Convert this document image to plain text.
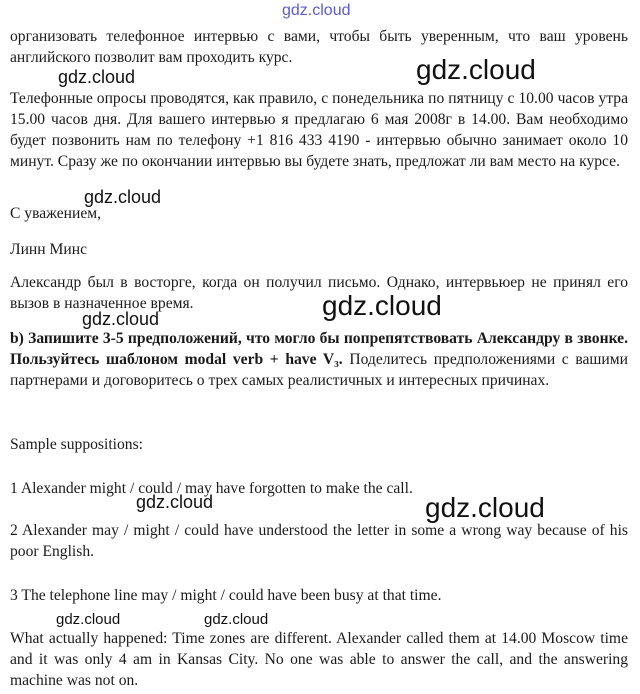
организовать телефонное интервью с вами, чтобы быть уверенным, что ваш уровень английского позволит вам проходить курс.

Телефонные опросы проводятся, как правило, с понедельника по пятницу с 10.00 часов утра 15.00 часов дня. Для вашего интервью я предлагаю 6 мая 2008г в 14.00. Вам необходимо будет позвонить нам по телефону +1 816 433 4190 - интервью обычно занимает около 10 минут. Сразу же по окончании интервью вы будете знать, предложат ли вам место на курсе.

С уважением,

Линн Минс

Александр был в восторге, когда он получил письмо. Однако, интервьюер не принял его вызов в назначенное время.

b) Запишите 3-5 предположений, что могло бы попрепятствовать Александру в звонке. Пользуйтесь шаблоном modal verb + have V₃. Поделитесь предположениями с вашими партнерами и договоритесь о трех самых реалистичных и интересных причинах.

Sample suppositions:

1 Alexander might / could / may have forgotten to make the call.

2 Alexander may / might / could have understood the letter in some a wrong way because of his poor English.

3 The telephone line may / might / could have been busy at that time.

What actually happened: Time zones are different. Alexander called them at 14.00 Moscow time and it was only 4 am in Kansas City. No one was able to answer the call, and the answering machine was not on.

gdz.cloud
gdz.cloud	gdz.cloud
gdz.cloud
gdz.cloud
gdz.cloud
gdz.cloud	gdz.cloud
gdz.cloud	gdz.cloud
